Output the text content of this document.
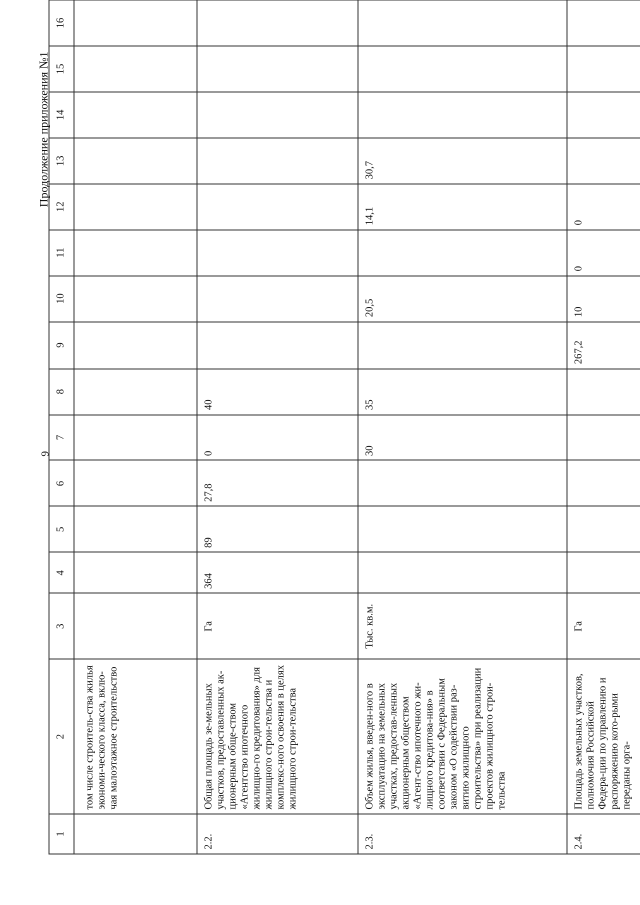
9
Продолжение приложения №1
1	2	3	4	5	6	7	8	9	10	11	12	13	14	15	16
	том числе строитель-ства жилья экономи-ческого класса, вклю-чая малоэтажное строительство														
2.2.	Общая площадь зе-мельных участков, предоставленных ак-ционерным обще-ством «Агентство ипотечного жилищно-го кредитования» для жилищного строи-тельства и комплекс-ного освоения в целях жилищного строи-тельства	Га	364	89	27,8	0	40								
2.3.	Объем жилья, введен-ного в эксплуатацию на земельных участках, предостав-ленных акционерным обществом «Агент-ство ипотечного жи-лищного кредитова-ния» в соответствии с Федеральным законом «О содействии раз-витию жилищного строительства» при реализации проектов жилищного строи-тельства	Тыс. кв.м.				30	35		20,5		14,1	30,7			
2.4.	Площадь земельных участков, полномочия Российской Федера-ции по управлению и распоряжению кото-рыми переданы орга-	Га						267,2	10	0	0				
